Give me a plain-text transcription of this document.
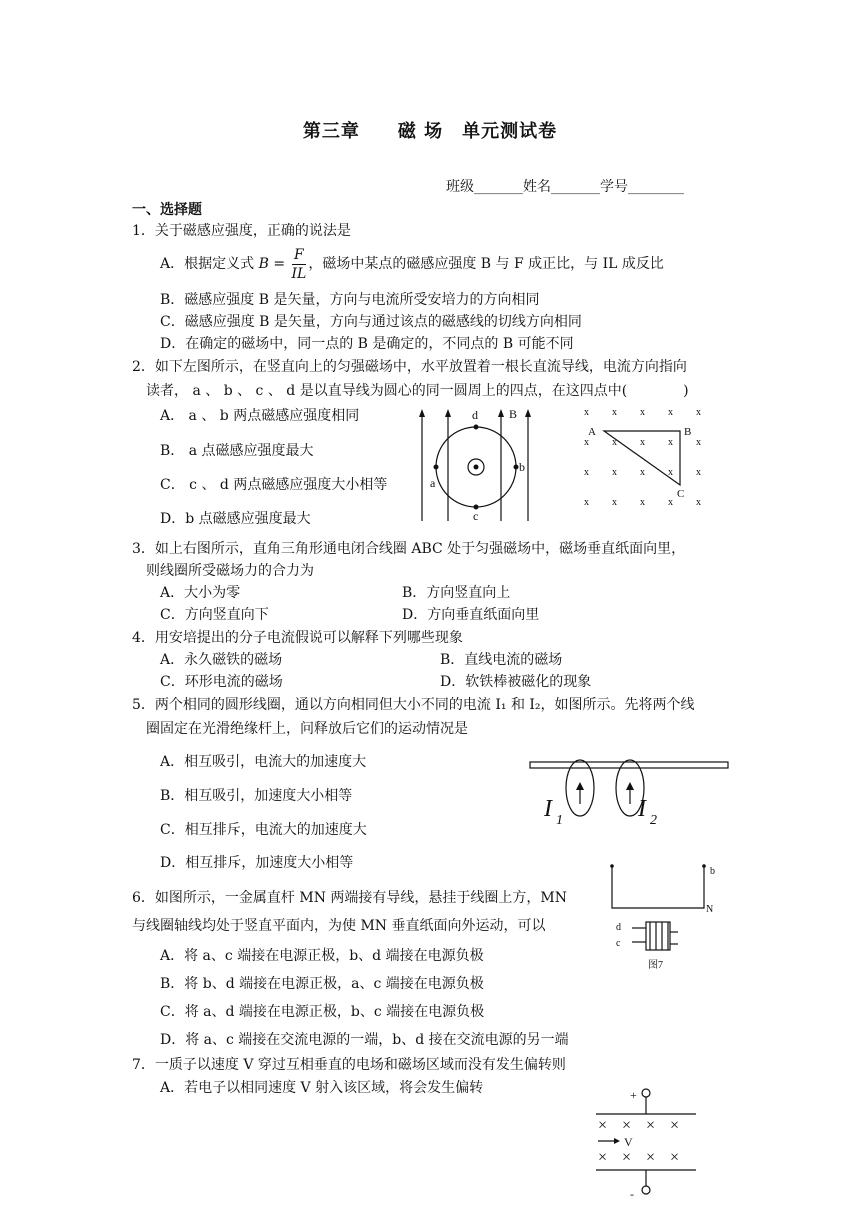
第三章　　磁 场　单元测试卷
班级_______姓名_______学号________
一、选择题
1．关于磁感应强度，正确的说法是
A．根据定义式 $B = \frac{F}{IL}$ ，磁场中某点的磁感应强度 B 与 F 成正比，与 IL 成反比
B．磁感应强度 B 是矢量，方向与电流所受安培力的方向相同
C．磁感应强度 B 是矢量，方向与通过该点的磁感线的切线方向相同
D．在确定的磁场中，同一点的 B 是确定的，不同点的 B 可能不同
2．如下左图所示，在竖直向上的匀强磁场中，水平放置着一根长直流导线，电流方向指向
读者， a 、 b 、 c 、 d 是以直导线为圆心的同一圆周上的四点，在这四点中(　　　　)
A． a 、 b 两点磁感应强度相同
B． a 点磁感应强度最大
C． c 、 d 两点磁感应强度大小相等
D．b 点磁感应强度最大
d
c
a
b
B	x x x x x
x x x x x
x x x x x
x x x x x
A	B
C
3．如上右图所示，直角三角形通电闭合线圈 ABC 处于匀强磁场中，磁场垂直纸面向里，
则线圈所受磁场力的合力为
A．大小为零	B．方向竖直向上
C．方向竖直向下	D．方向垂直纸面向里
4．用安培提出的分子电流假说可以解释下列哪些现象
A．永久磁铁的磁场	B．直线电流的磁场
C．环形电流的磁场	D．软铁棒被磁化的现象
5．两个相同的圆形线圈，通以方向相同但大小不同的电流 I₁ 和 I₂，如图所示。先将两个线
圈固定在光滑绝缘杆上，问释放后它们的运动情况是
A．相互吸引，电流大的加速度大
B．相互吸引，加速度大小相等
C．相互排斥，电流大的加速度大
D．相互排斥，加速度大小相等
I 1	I 2
6．如图所示，一金属直杆 MN 两端接有导线，悬挂于线圈上方，MN
与线圈轴线均处于竖直平面内，为使 MN 垂直纸面向外运动，可以
A．将 a、c 端接在电源正极，b、d 端接在电源负极
B．将 b、d 端接在电源正极，a、c 端接在电源负极
C．将 a、d 端接在电源正极，b、c 端接在电源负极
D．将 a、c 端接在交流电源的一端，b、d 接在交流电源的另一端
b
N
d
c
图7
7．一质子以速度 V 穿过互相垂直的电场和磁场区域而没有发生偏转则
A．若电子以相同速度 V 射入该区域，将会发生偏转
× × × ×
× × × ×
+
-
V
